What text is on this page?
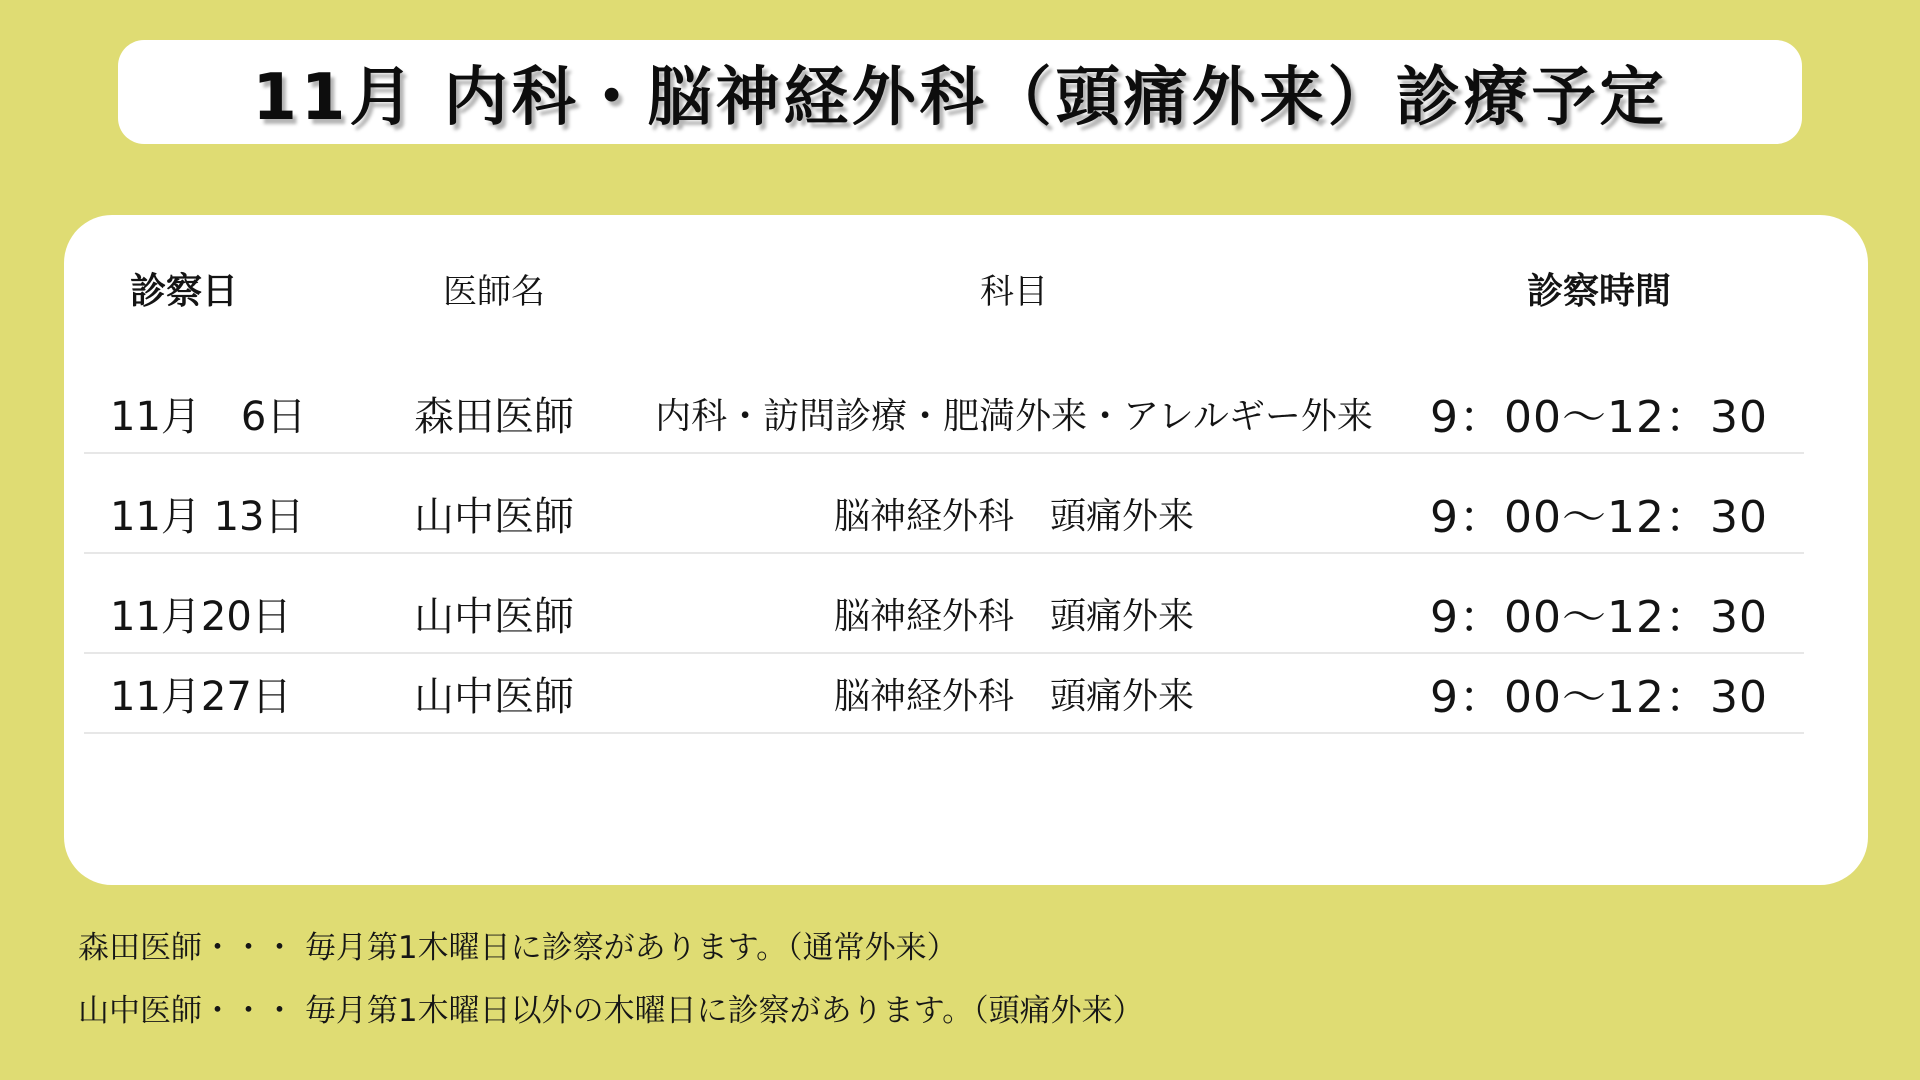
11月 内科・脳神経外科（頭痛外来）診療予定
診察日	医師名	科目	診察時間
11月　6日	森田医師	内科・訪問診療・肥満外来・アレルギー外来	9：00〜12：30
11月 13日	山中医師	脳神経外科　頭痛外来	9：00〜12：30
11月20日	山中医師	脳神経外科　頭痛外来	9：00〜12：30
11月27日	山中医師	脳神経外科　頭痛外来	9：00〜12：30
森田医師・・・ 毎月第1木曜日に診察があります。（通常外来）
山中医師・・・ 毎月第1木曜日以外の木曜日に診察があります。（頭痛外来）
